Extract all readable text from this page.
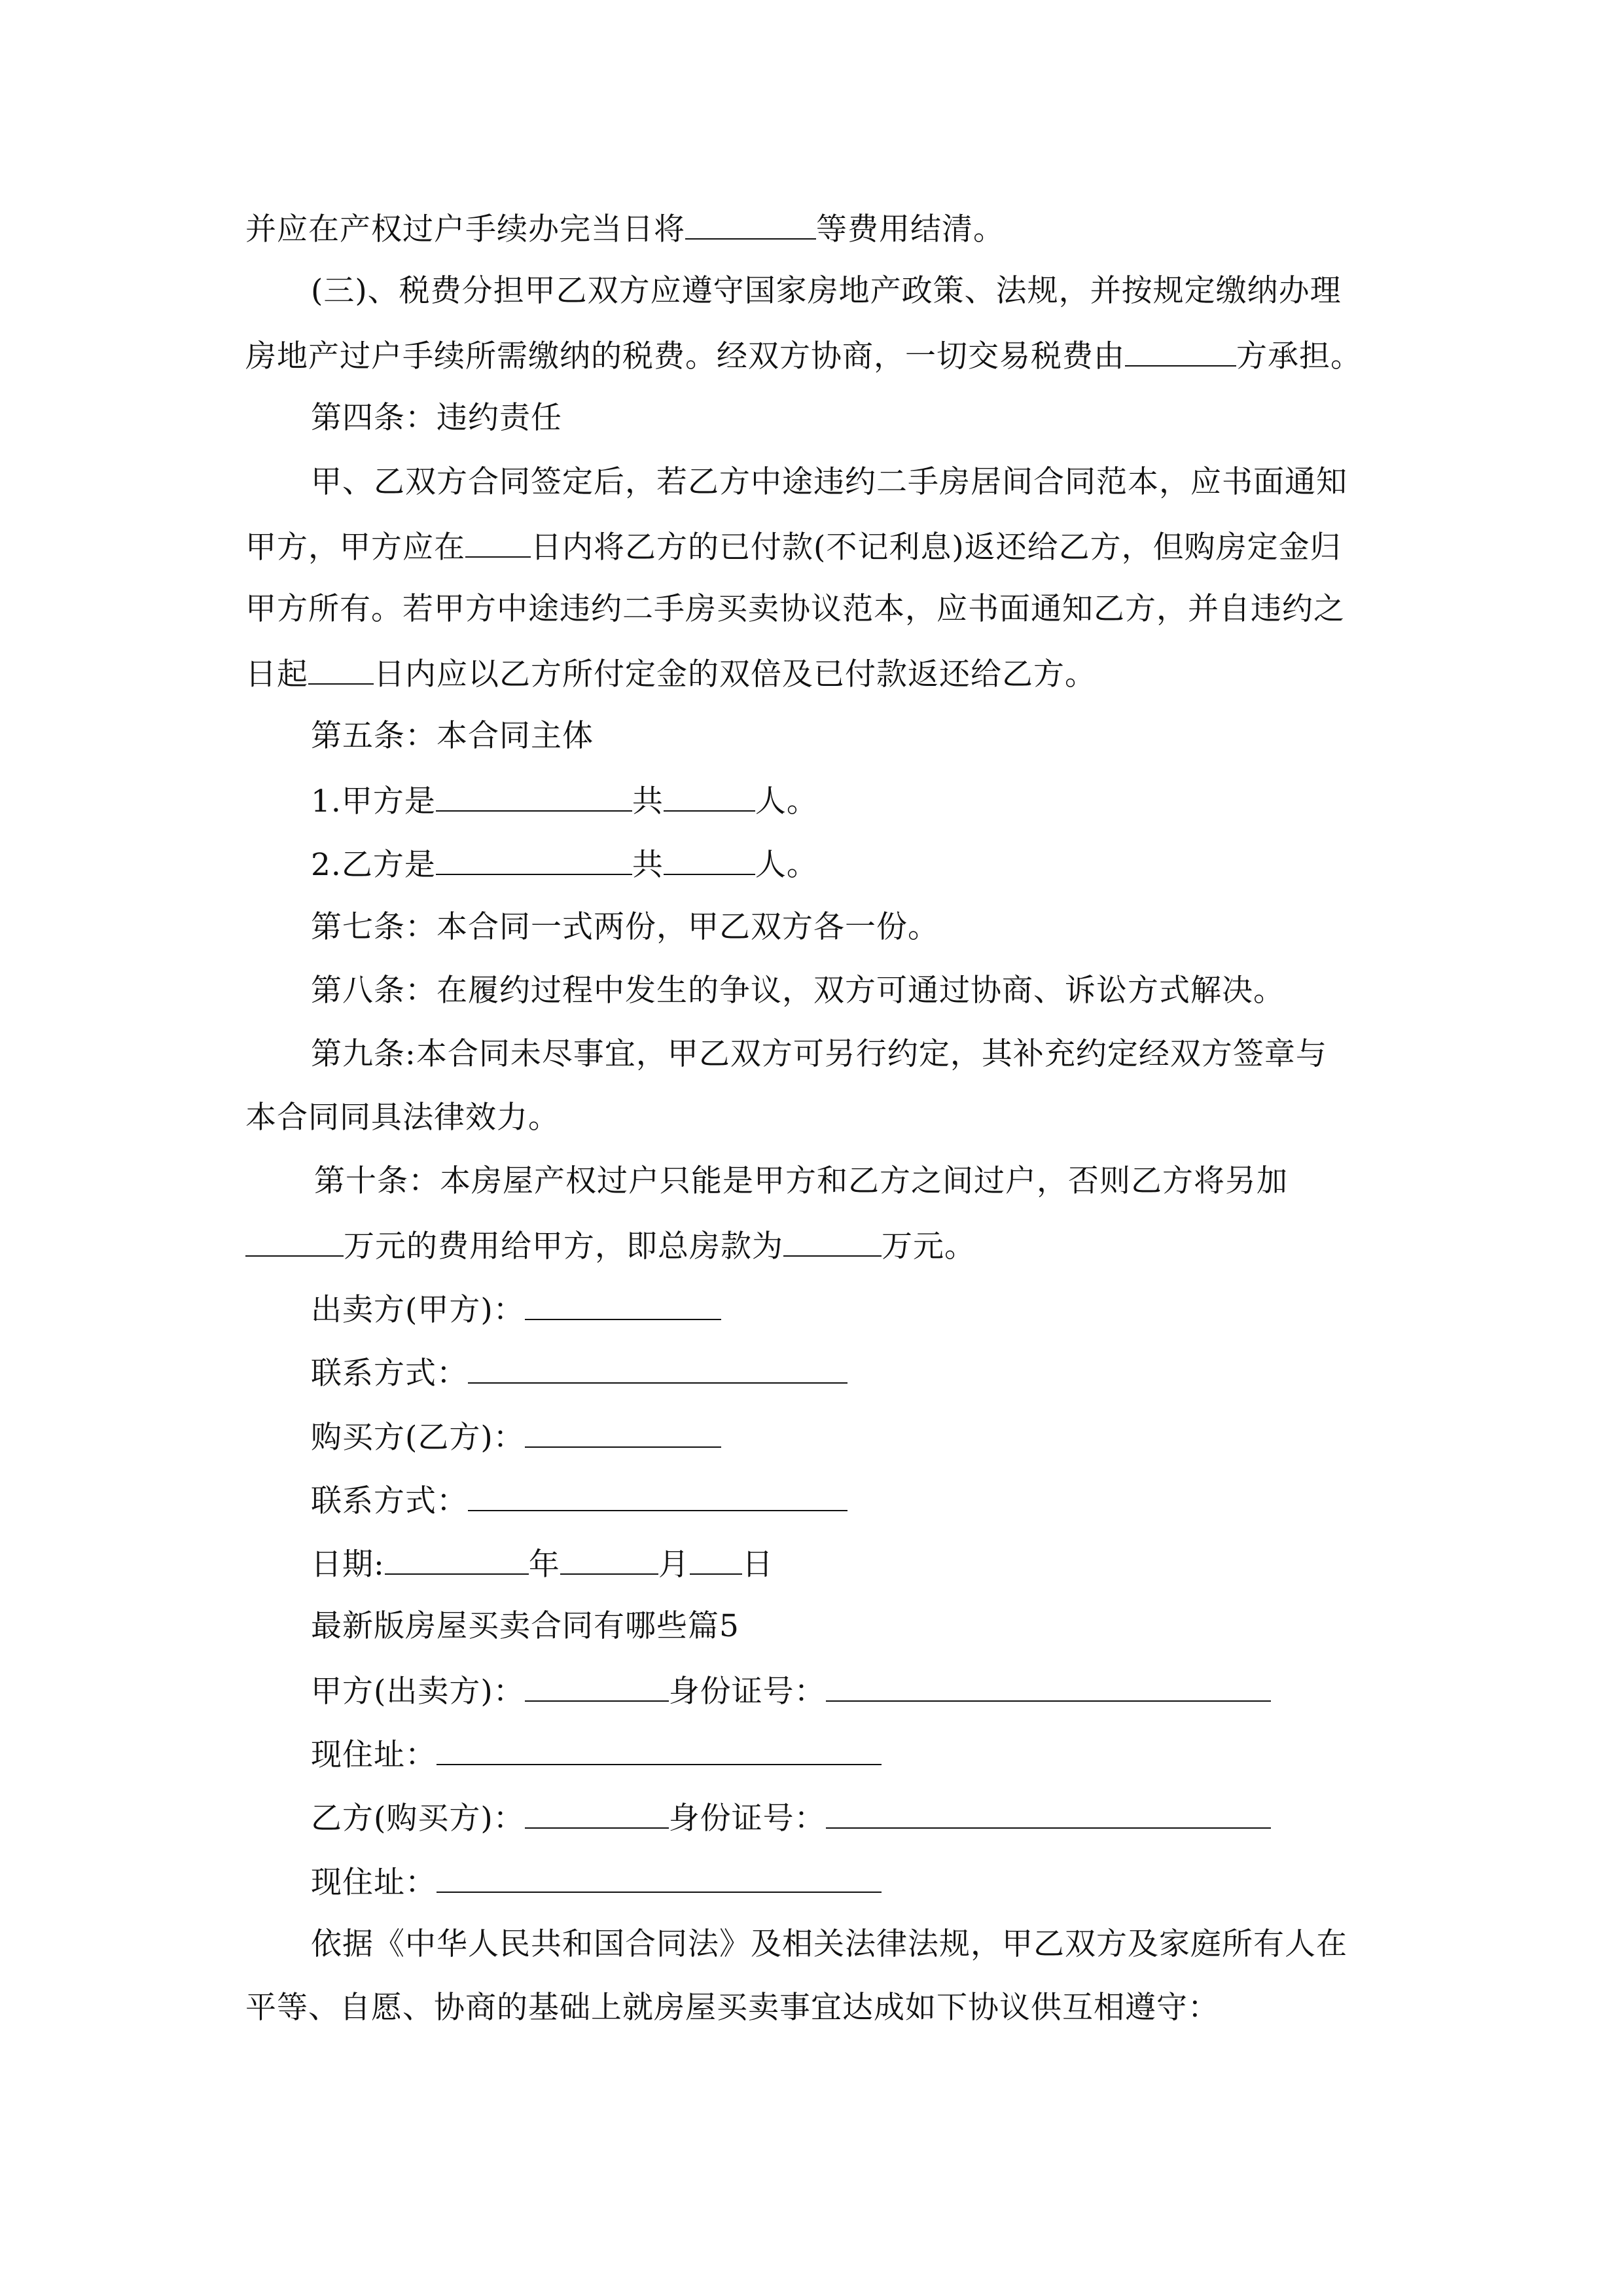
并应在产权过户手续办完当日将	等费用结清。
(三)、税费分担甲乙双方应遵守国家房地产政策、法规，并按规定缴纳办理
房地产过户手续所需缴纳的税费。经双方协商，一切交易税费由	方承担。
第四条：违约责任
甲、乙双方合同签定后，若乙方中途违约二手房居间合同范本，应书面通知
甲方，甲方应在 日内将乙方的已付款(不记利息)返还给乙方，但购房定金归
甲方所有。若甲方中途违约二手房买卖协议范本，应书面通知乙方，并自违约之
日起 日内应以乙方所付定金的双倍及已付款返还给乙方。
第五条：本合同主体
1.甲方是	共	人。
2.乙方是	共	人。
第七条：本合同一式两份，甲乙双方各一份。
第八条：在履约过程中发生的争议，双方可通过协商、诉讼方式解决。
第九条:本合同未尽事宜，甲乙双方可另行约定，其补充约定经双方签章与
本合同同具法律效力。
第十条：本房屋产权过户只能是甲方和乙方之间过户，否则乙方将另加
万元的费用给甲方，即总房款为	万元。
出卖方(甲方)：
联系方式：
购买方(乙方)：
联系方式：
日期:	年	月 日
最新版房屋买卖合同有哪些篇5
甲方(出卖方)：	身份证号：
现住址：
乙方(购买方)：	身份证号：
现住址：
依据《中华人民共和国合同法》及相关法律法规，甲乙双方及家庭所有人在
平等、自愿、协商的基础上就房屋买卖事宜达成如下协议供互相遵守：
